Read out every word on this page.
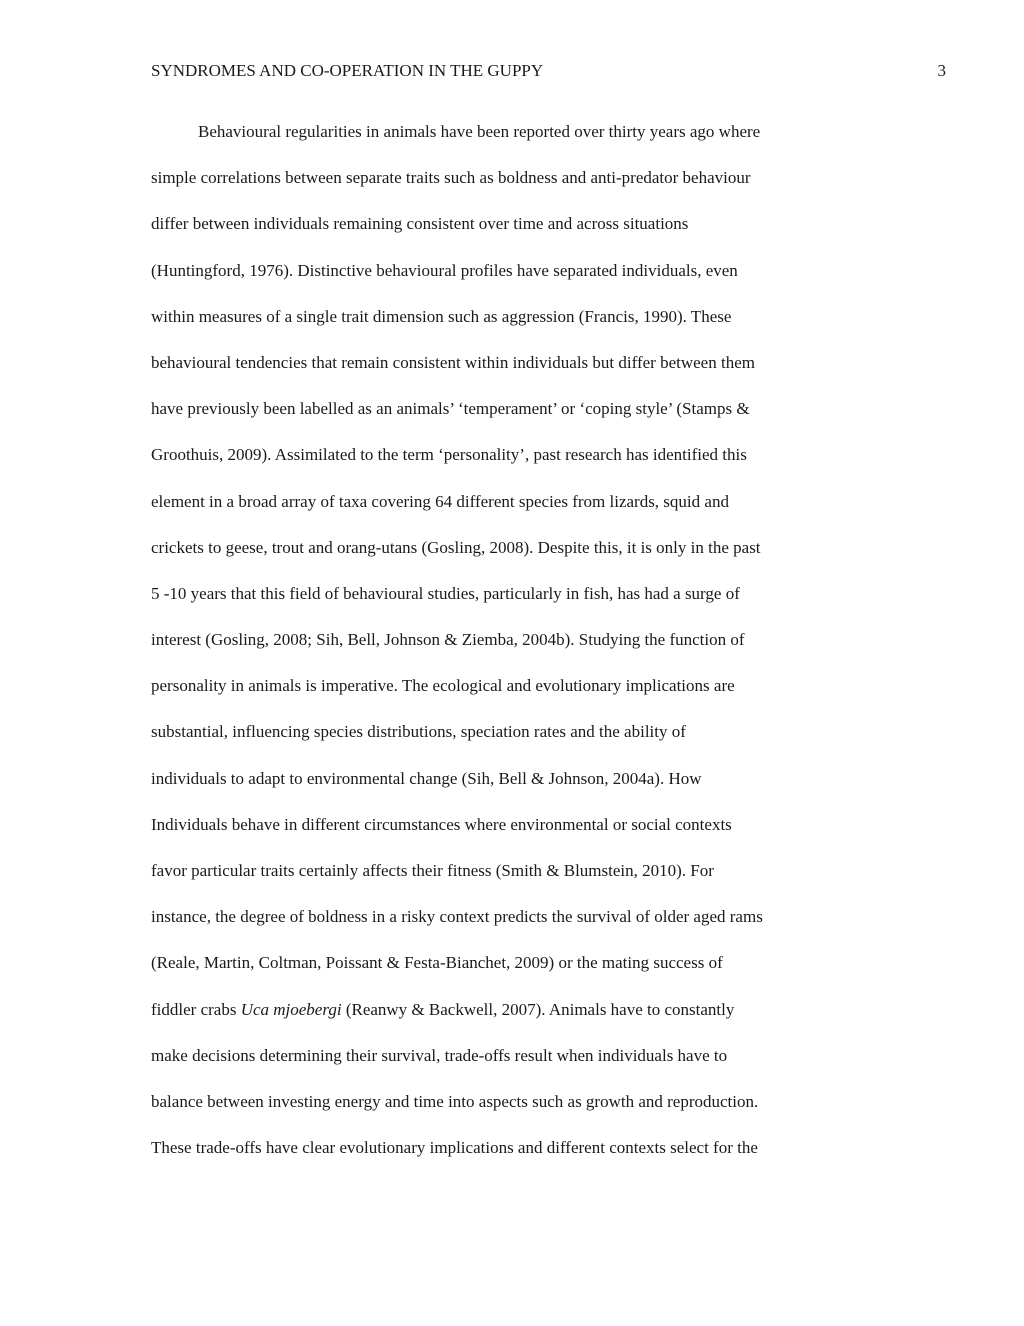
SYNDROMES AND CO-OPERATION IN THE GUPPY	3
Behavioural regularities in animals have been reported over thirty years ago where
simple correlations between separate traits such as boldness and anti-predator behaviour
differ between individuals remaining consistent over time and across situations
(Huntingford, 1976). Distinctive behavioural profiles have separated individuals, even
within measures of a single trait dimension such as aggression (Francis, 1990). These
behavioural tendencies that remain consistent within individuals but differ between them
have previously been labelled as an animals’ ‘temperament’ or ‘coping style’ (Stamps &
Groothuis, 2009). Assimilated to the term ‘personality’, past research has identified this
element in a broad array of taxa covering 64 different species from lizards, squid and
crickets to geese, trout and orang-utans (Gosling, 2008). Despite this, it is only in the past
5 -10 years that this field of behavioural studies, particularly in fish, has had a surge of
interest (Gosling, 2008; Sih, Bell, Johnson & Ziemba, 2004b). Studying the function of
personality in animals is imperative. The ecological and evolutionary implications are
substantial, influencing species distributions, speciation rates and the ability of
individuals to adapt to environmental change (Sih, Bell & Johnson, 2004a). How
Individuals behave in different circumstances where environmental or social contexts
favor particular traits certainly affects their fitness (Smith & Blumstein, 2010). For
instance, the degree of boldness in a risky context predicts the survival of older aged rams
(Reale, Martin, Coltman, Poissant & Festa-Bianchet, 2009) or the mating success of
fiddler crabs Uca mjoebergi (Reanwy & Backwell, 2007). Animals have to constantly
make decisions determining their survival, trade-offs result when individuals have to
balance between investing energy and time into aspects such as growth and reproduction.
These trade-offs have clear evolutionary implications and different contexts select for the
